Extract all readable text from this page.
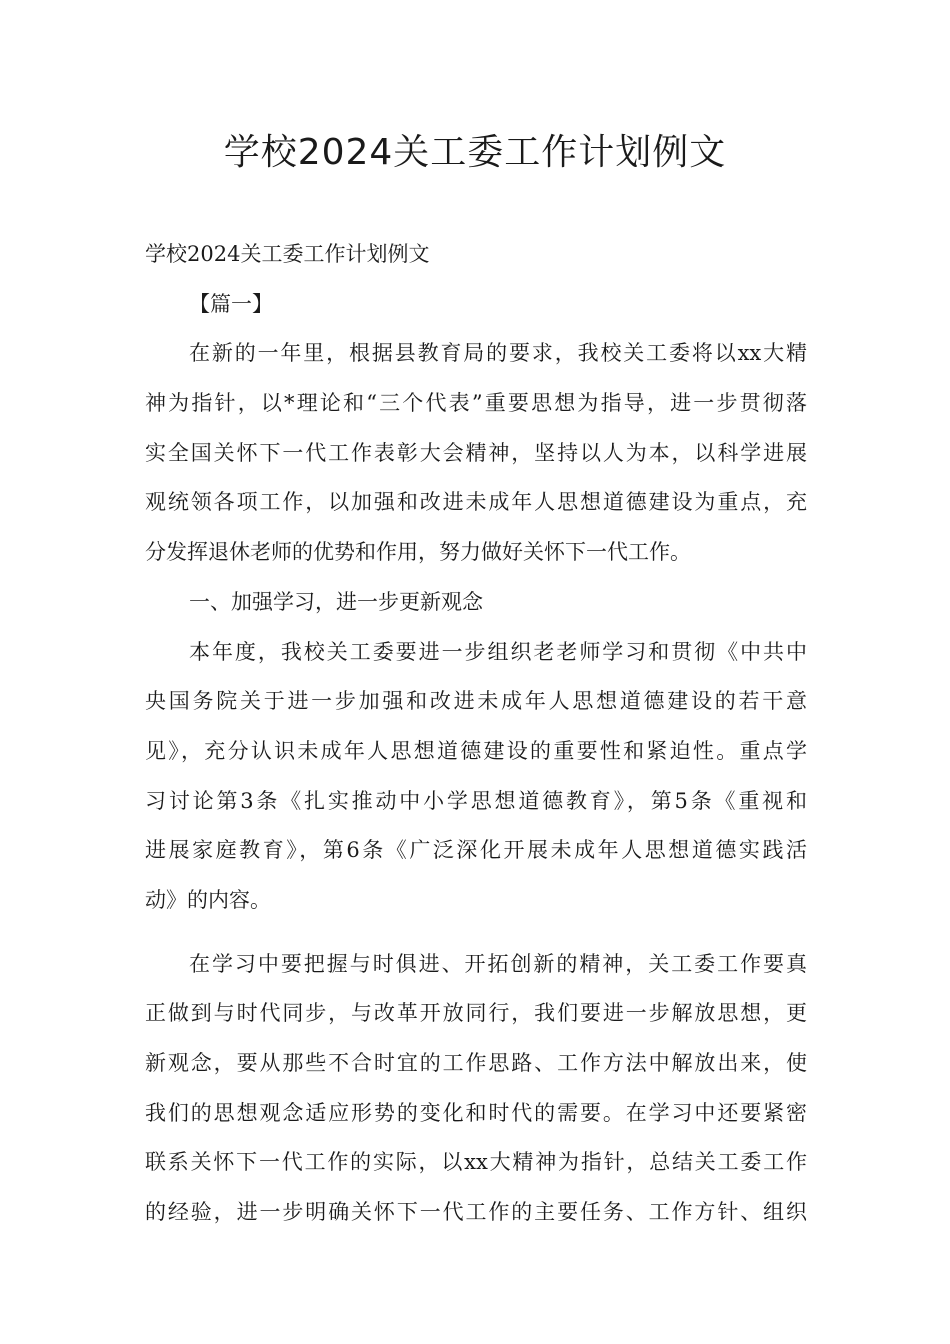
学校2024关工委工作计划例文
学校2024关工委工作计划例文
【篇一】
在新的一年里，根据县教育局的要求，我校关工委将以xx大精
神为指针，以*理论和“三个代表”重要思想为指导，进一步贯彻落
实全国关怀下一代工作表彰大会精神，坚持以人为本，以科学进展
观统领各项工作，以加强和改进未成年人思想道德建设为重点，充
分发挥退休老师的优势和作用，努力做好关怀下一代工作。
一、加强学习，进一步更新观念
本年度，我校关工委要进一步组织老老师学习和贯彻《中共中
央国务院关于进一步加强和改进未成年人思想道德建设的若干意
见》，充分认识未成年人思想道德建设的重要性和紧迫性。重点学
习讨论第3条《扎实推动中小学思想道德教育》，第5条《重视和
进展家庭教育》，第6条《广泛深化开展未成年人思想道德实践活
动》的内容。
在学习中要把握与时俱进、开拓创新的精神，关工委工作要真
正做到与时代同步，与改革开放同行，我们要进一步解放思想，更
新观念，要从那些不合时宜的工作思路、工作方法中解放出来，使
我们的思想观念适应形势的变化和时代的需要。在学习中还要紧密
联系关怀下一代工作的实际，以xx大精神为指针，总结关工委工作
的经验，进一步明确关怀下一代工作的主要任务、工作方针、组织
